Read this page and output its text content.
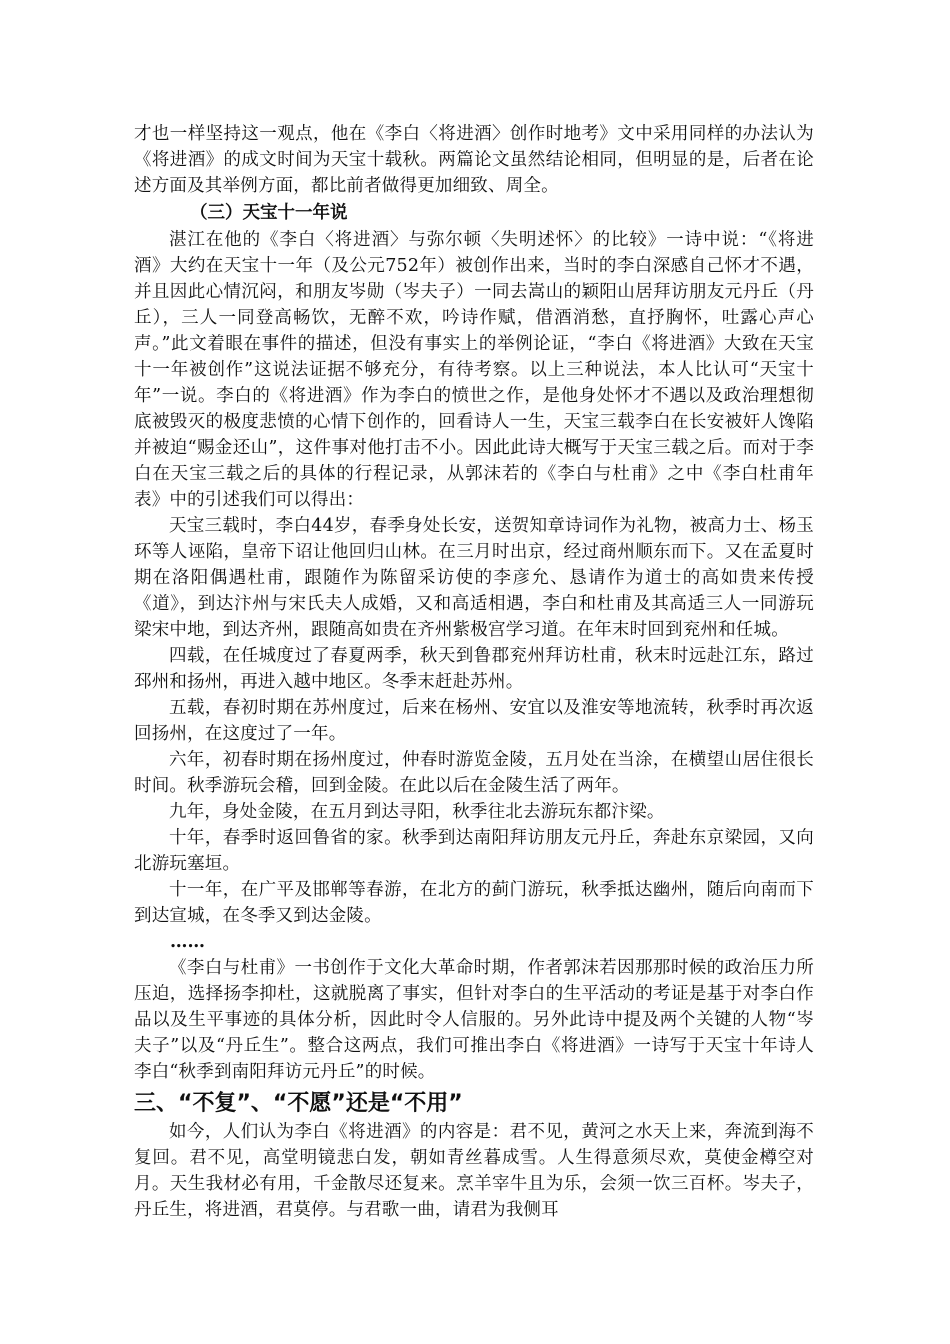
才也一样坚持这一观点，他在《李白〈将进酒〉创作时地考》文中采用同样的办法认为《将进酒》的成文时间为天宝十载秋。两篇论文虽然结论相同，但明显的是，后者在论述方面及其举例方面，都比前者做得更加细致、周全。

（三）天宝十一年说

湛江在他的《李白〈将进酒〉与弥尔顿〈失明述怀〉的比较》一诗中说：“《将进酒》大约在天宝十一年（及公元752年）被创作出来，当时的李白深感自己怀才不遇，并且因此心情沉闷，和朋友岑勋（岑夫子）一同去嵩山的颖阳山居拜访朋友元丹丘（丹丘），三人一同登高畅饮，无醉不欢，吟诗作赋，借酒消愁，直抒胸怀，吐露心声心声。”此文着眼在事件的描述，但没有事实上的举例论证，“李白《将进酒》大致在天宝十一年被创作”这说法证据不够充分，有待考察。以上三种说法，本人比认可“天宝十年”一说。李白的《将进酒》作为李白的愤世之作，是他身处怀才不遇以及政治理想彻底被毁灭的极度悲愤的心情下创作的，回看诗人一生，天宝三载李白在长安被奸人馋陷并被迫“赐金还山”，这件事对他打击不小。因此此诗大概写于天宝三载之后。而对于李白在天宝三载之后的具体的行程记录，从郭沫若的《李白与杜甫》之中《李白杜甫年表》中的引述我们可以得出：

天宝三载时，李白44岁，春季身处长安，送贺知章诗词作为礼物，被高力士、杨玉环等人诬陷，皇帝下诏让他回归山林。在三月时出京，经过商州顺东而下。又在孟夏时期在洛阳偶遇杜甫，跟随作为陈留采访使的李彦允、恳请作为道士的高如贵来传授《道》，到达汴州与宋氏夫人成婚，又和高适相遇，李白和杜甫及其高适三人一同游玩梁宋中地，到达齐州，跟随高如贵在齐州紫极宫学习道。在年末时回到兖州和任城。

四载，在任城度过了春夏两季，秋天到鲁郡兖州拜访杜甫，秋末时远赴江东，路过邳州和扬州，再进入越中地区。冬季末赶赴苏州。

五载，春初时期在苏州度过，后来在杨州、安宜以及淮安等地流转，秋季时再次返回扬州，在这度过了一年。

六年，初春时期在扬州度过，仲春时游览金陵，五月处在当涂，在横望山居住很长时间。秋季游玩会稽，回到金陵。在此以后在金陵生活了两年。

九年，身处金陵，在五月到达寻阳，秋季往北去游玩东都汴梁。

十年，春季时返回鲁省的家。秋季到达南阳拜访朋友元丹丘，奔赴东京梁园，又向北游玩塞垣。

十一年，在广平及邯郸等春游，在北方的蓟门游玩，秋季抵达幽州，随后向南而下到达宣城，在冬季又到达金陵。

……

《李白与杜甫》一书创作于文化大革命时期，作者郭沫若因那那时候的政治压力所压迫，选择扬李抑杜，这就脱离了事实，但针对李白的生平活动的考证是基于对李白作品以及生平事迹的具体分析，因此时令人信服的。另外此诗中提及两个关键的人物“岑夫子”以及“丹丘生”。整合这两点，我们可推出李白《将进酒》一诗写于天宝十年诗人李白“秋季到南阳拜访元丹丘”的时候。

三、“不复”、“不愿”还是“不用”

如今，人们认为李白《将进酒》的内容是：君不见，黄河之水天上来，奔流到海不复回。君不见，高堂明镜悲白发，朝如青丝暮成雪。人生得意须尽欢，莫使金樽空对月。天生我材必有用，千金散尽还复来。烹羊宰牛且为乐，会须一饮三百杯。岑夫子，丹丘生，将进酒，君莫停。与君歌一曲，请君为我侧耳
